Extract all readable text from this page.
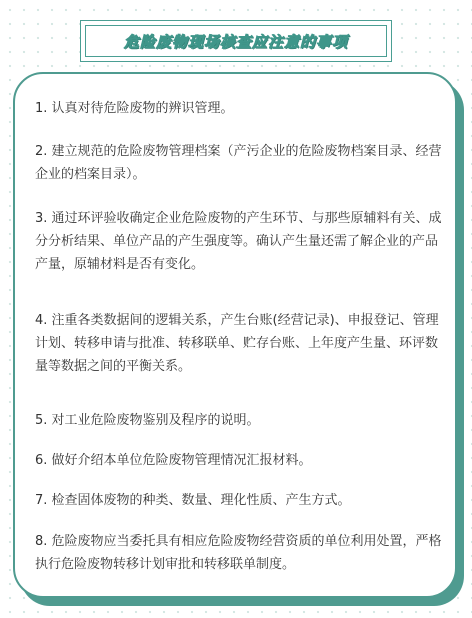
危险废物现场核查应注意的事项

1. 认真对待危险废物的辨识管理。

2. 建立规范的危险废物管理档案（产污企业的危险废物档案目录、经营企业的档案目录）。

3. 通过环评验收确定企业危险废物的产生环节、与那些原辅料有关、成分分析结果、单位产品的产生强度等。确认产生量还需了解企业的产品产量，原辅材料是否有变化。

4. 注重各类数据间的逻辑关系，产生台账(经营记录)、申报登记、管理计划、转移申请与批准、转移联单、贮存台账、上年度产生量、环评数量等数据之间的平衡关系。

5. 对工业危险废物鉴别及程序的说明。

6. 做好介绍本单位危险废物管理情况汇报材料。

7. 检查固体废物的种类、数量、理化性质、产生方式。

8. 危险废物应当委托具有相应危险废物经营资质的单位利用处置，严格执行危险废物转移计划审批和转移联单制度。
